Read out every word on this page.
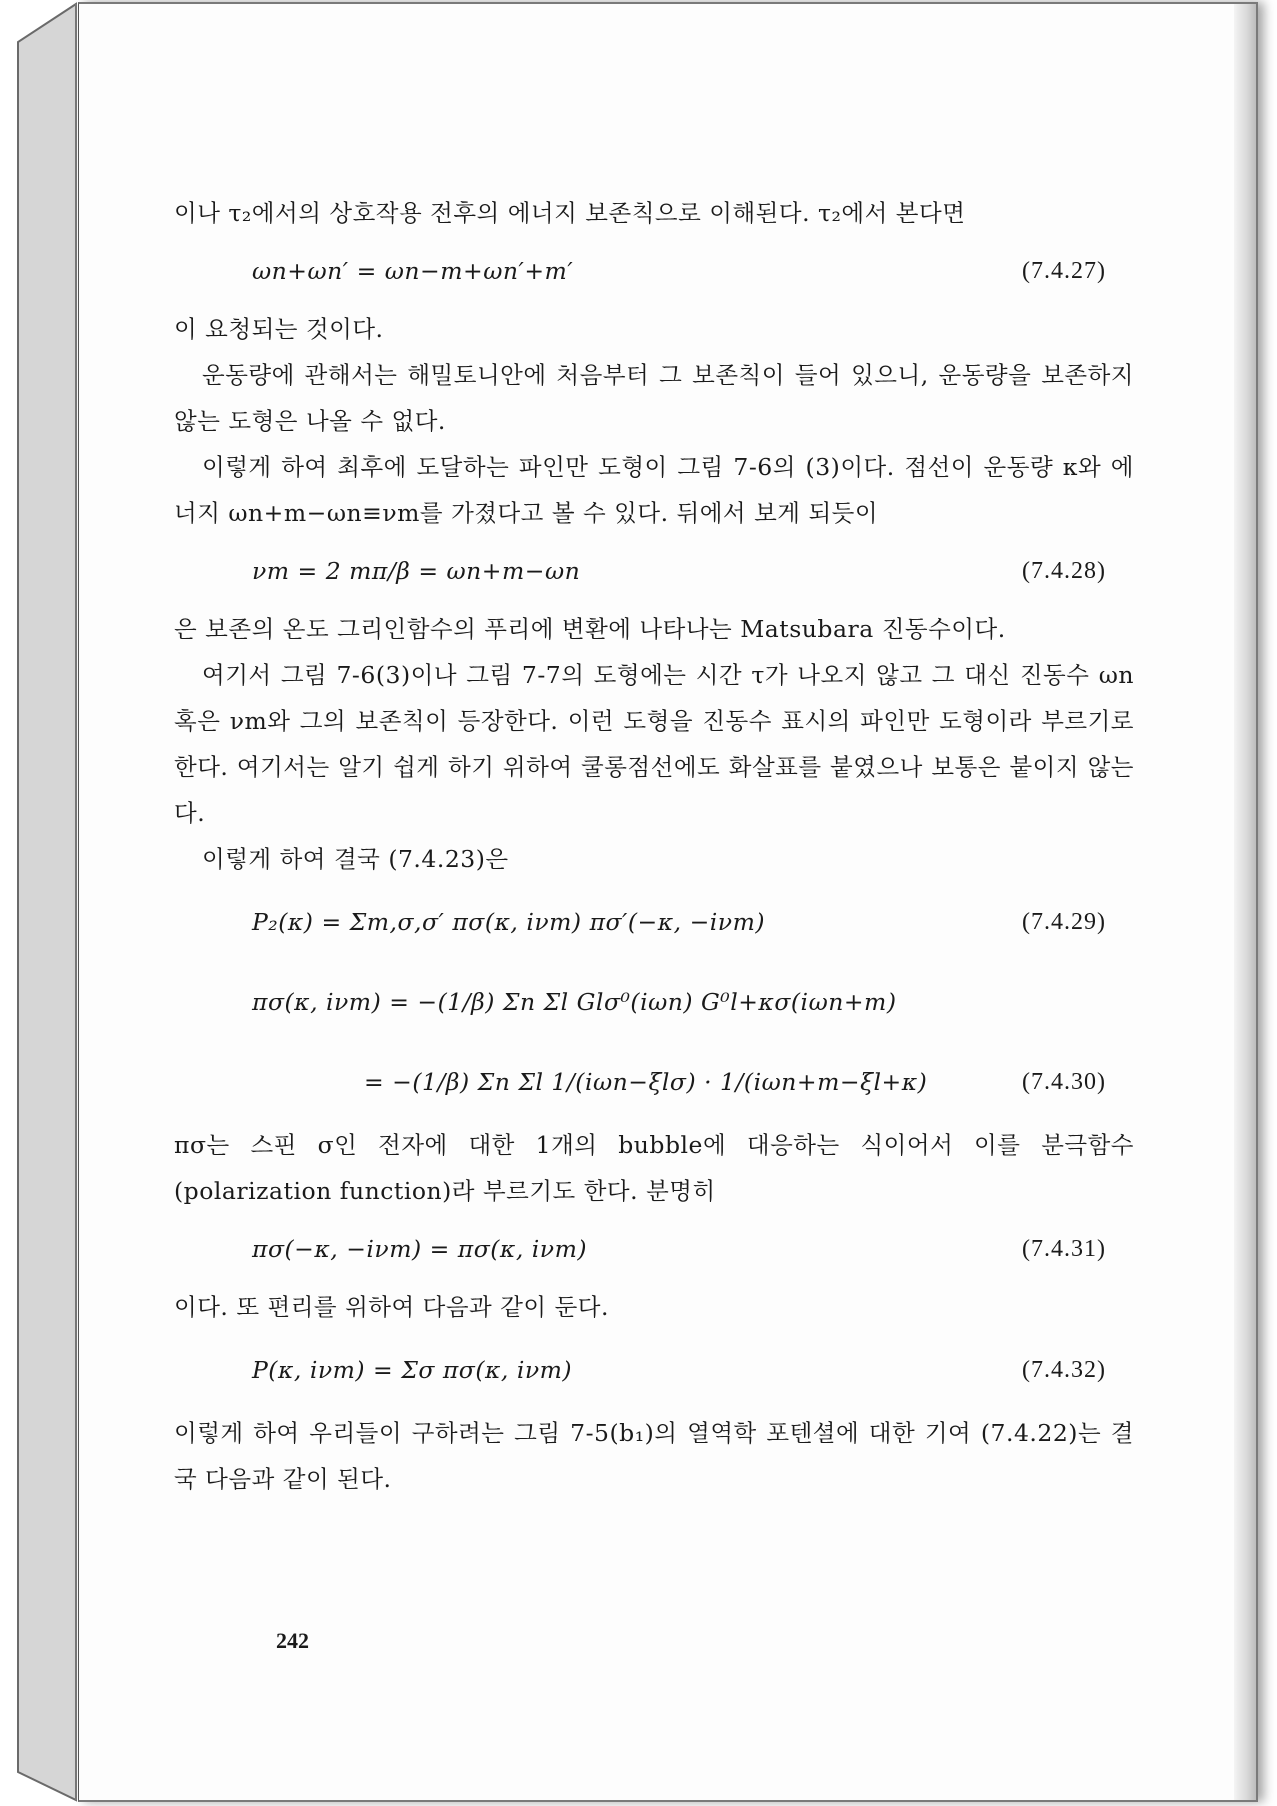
이나 τ₂에서의 상호작용 전후의 에너지 보존칙으로 이해된다. τ₂에서 본다면

ωn+ωn′ = ωn−m+ωn′+m′	(7.4.27)

이 요청되는 것이다.

운동량에 관해서는 해밀토니안에 처음부터 그 보존칙이 들어 있으니, 운동량을 보존하지 않는 도형은 나올 수 없다.

이렇게 하여 최후에 도달하는 파인만 도형이 그림 7-6의 (3)이다. 점선이 운동량 κ와 에너지 ωn+m−ωn≡νm를 가졌다고 볼 수 있다. 뒤에서 보게 되듯이

νm = 2 mπ/β = ωn+m−ωn	(7.4.28)

은 보존의 온도 그리인함수의 푸리에 변환에 나타나는 Matsubara 진동수이다.

여기서 그림 7-6(3)이나 그림 7-7의 도형에는 시간 τ가 나오지 않고 그 대신 진동수 ωn 혹은 νm와 그의 보존칙이 등장한다. 이런 도형을 진동수 표시의 파인만 도형이라 부르기로 한다. 여기서는 알기 쉽게 하기 위하여 쿨롱점선에도 화살표를 붙였으나 보통은 붙이지 않는다.

이렇게 하여 결국 (7.4.23)은

P₂(κ) = Σm,σ,σ′ πσ(κ, iνm) πσ′(−κ, −iνm)	(7.4.29)
πσ(κ, iνm) = −(1/β) Σn Σl Glσ⁰(iωn) G⁰l+κσ(iωn+m)
= −(1/β) Σn Σl 1/(iωn−ξlσ) · 1/(iωn+m−ξl+κ)	(7.4.30)

πσ는 스핀 σ인 전자에 대한 1개의 bubble에 대응하는 식이어서 이를 분극함수(polarization function)라 부르기도 한다. 분명히

πσ(−κ, −iνm) = πσ(κ, iνm)	(7.4.31)

이다. 또 편리를 위하여 다음과 같이 둔다.

P(κ, iνm) = Σσ πσ(κ, iνm)	(7.4.32)

이렇게 하여 우리들이 구하려는 그림 7-5(b₁)의 열역학 포텐셜에 대한 기여 (7.4.22)는 결국 다음과 같이 된다.

242
